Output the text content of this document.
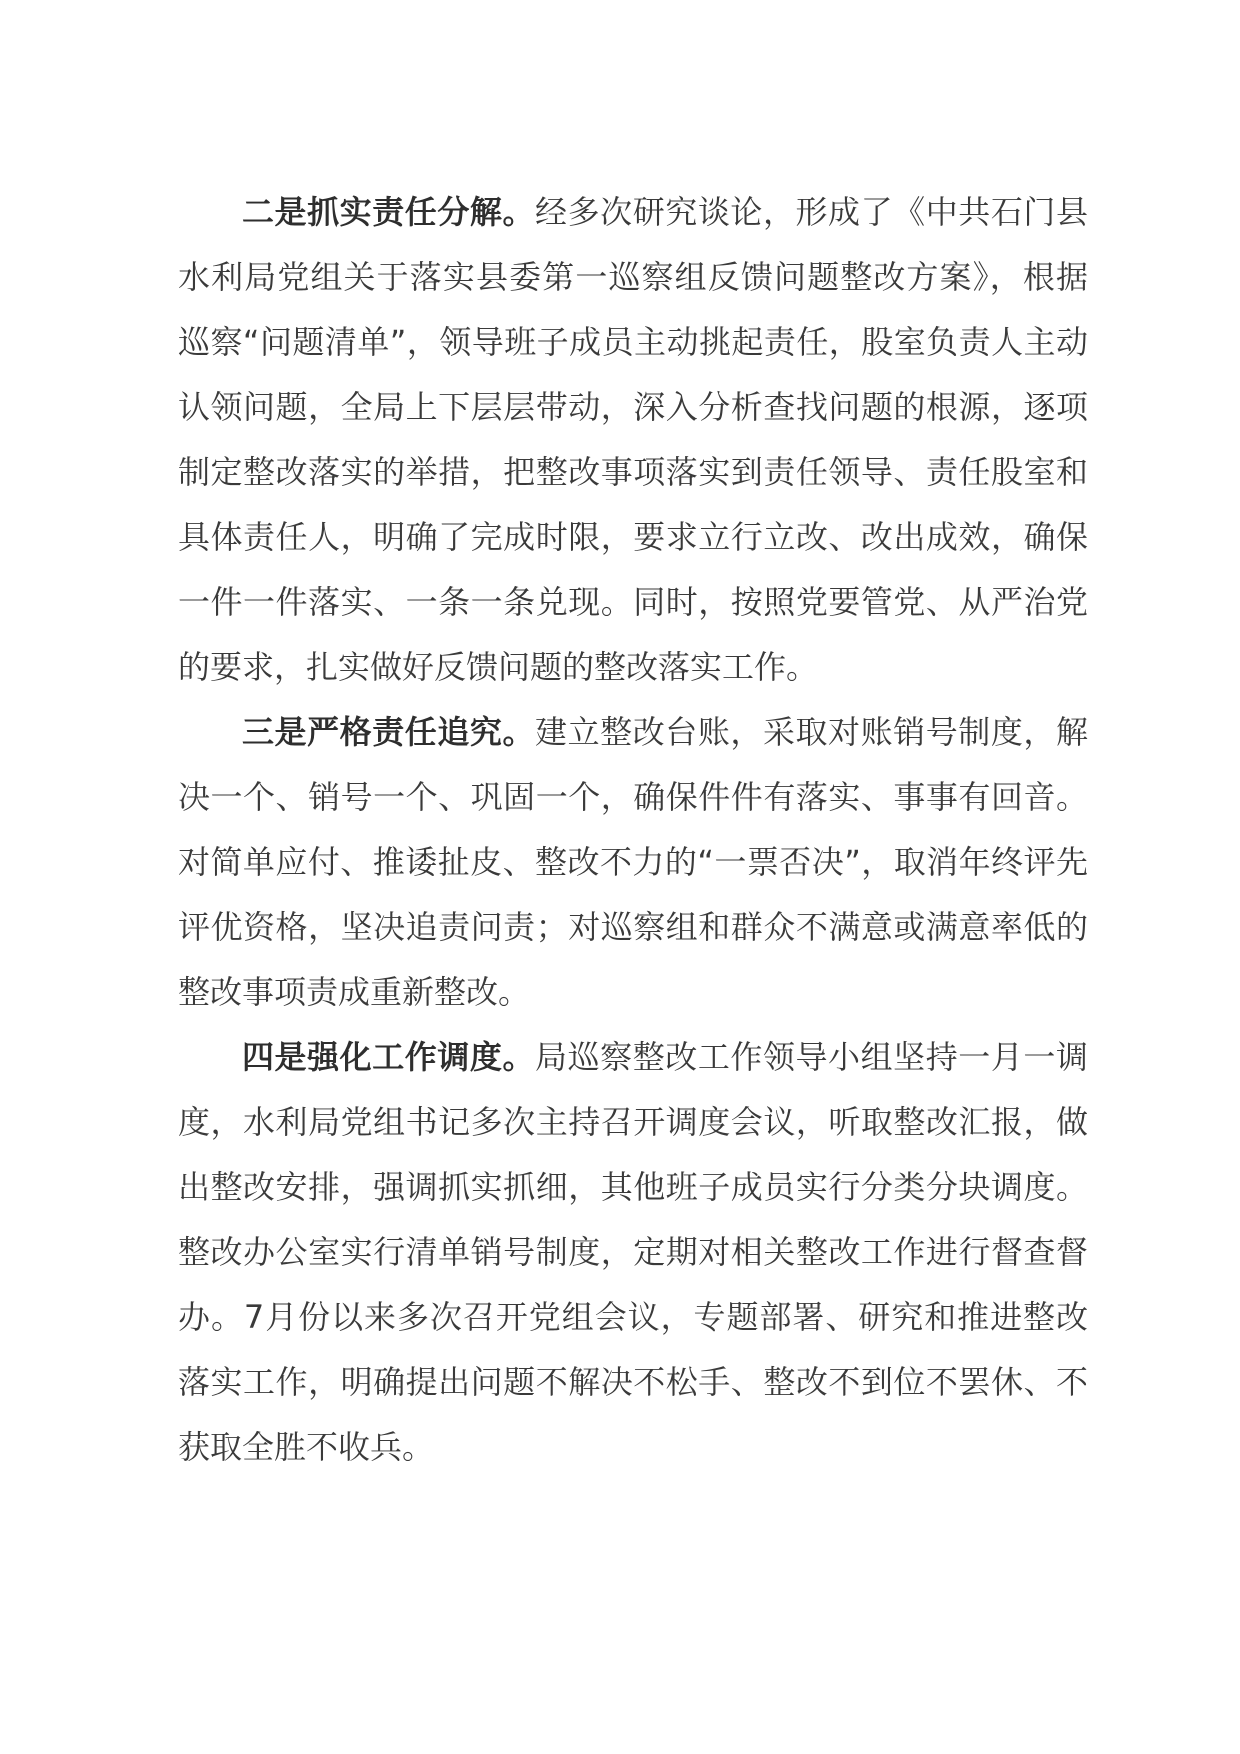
二是抓实责任分解。经多次研究谈论，形成了《中共石门县水利局党组关于落实县委第一巡察组反馈问题整改方案》，根据巡察“问题清单”，领导班子成员主动挑起责任，股室负责人主动认领问题，全局上下层层带动，深入分析查找问题的根源，逐项制定整改落实的举措，把整改事项落实到责任领导、责任股室和具体责任人，明确了完成时限，要求立行立改、改出成效，确保一件一件落实、一条一条兑现。同时，按照党要管党、从严治党的要求，扎实做好反馈问题的整改落实工作。

三是严格责任追究。建立整改台账，采取对账销号制度，解决一个、销号一个、巩固一个，确保件件有落实、事事有回音。对简单应付、推诿扯皮、整改不力的“一票否决”，取消年终评先评优资格，坚决追责问责；对巡察组和群众不满意或满意率低的整改事项责成重新整改。

四是强化工作调度。局巡察整改工作领导小组坚持一月一调度，水利局党组书记多次主持召开调度会议，听取整改汇报，做出整改安排，强调抓实抓细，其他班子成员实行分类分块调度。整改办公室实行清单销号制度，定期对相关整改工作进行督查督办。7月份以来多次召开党组会议，专题部署、研究和推进整改落实工作，明确提出问题不解决不松手、整改不到位不罢休、不获取全胜不收兵。
